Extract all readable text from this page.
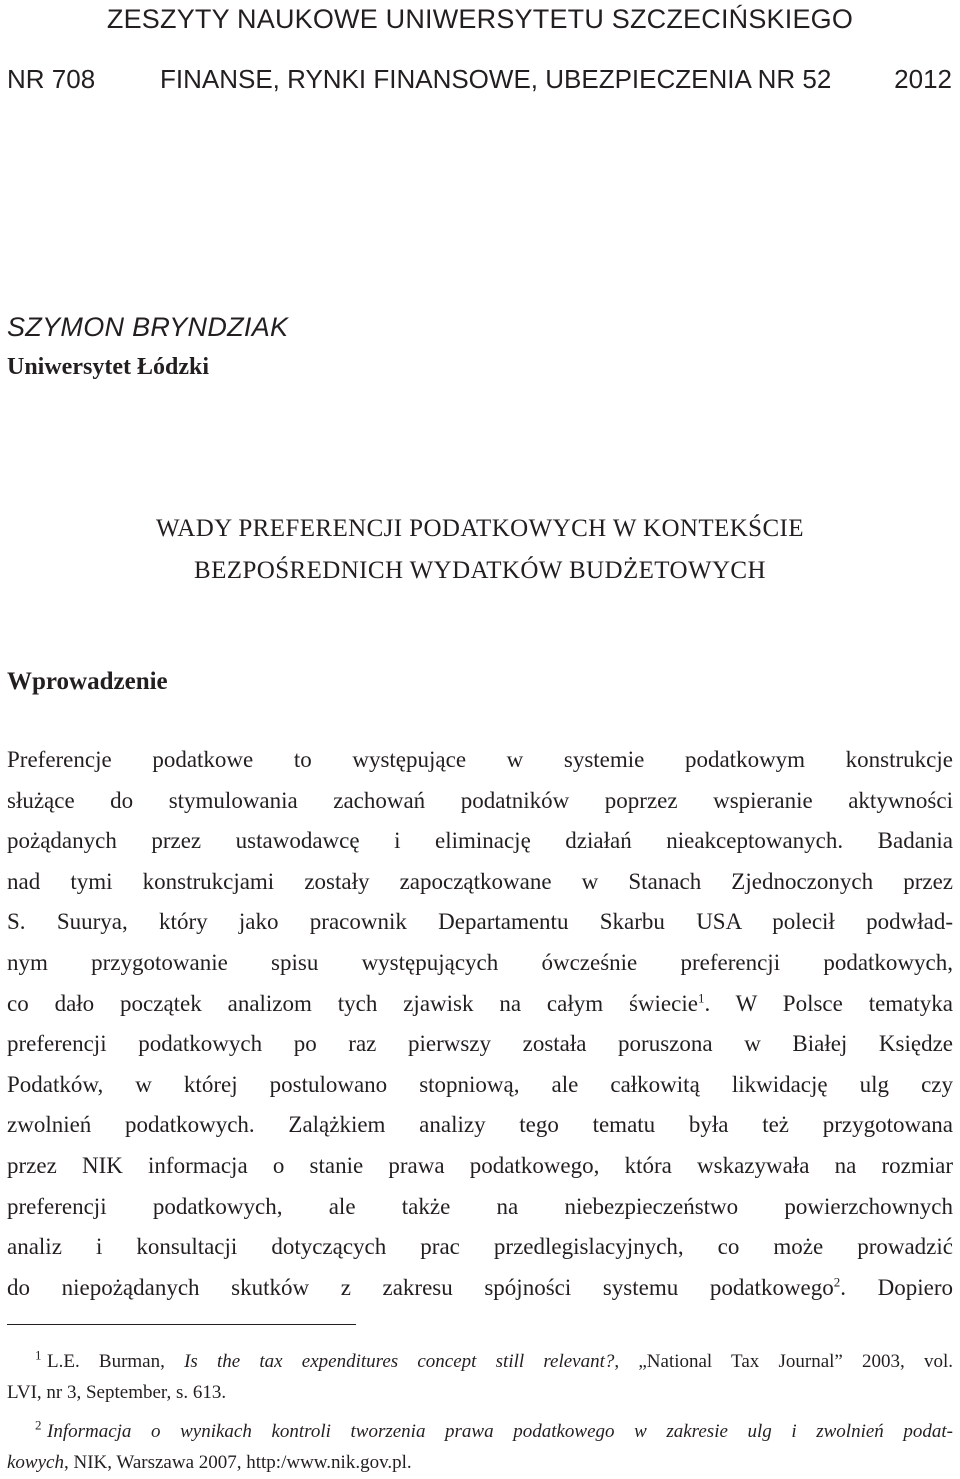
ZESZYTY NAUKOWE UNIWERSYTETU SZCZECIŃSKIEGO
NR 708 FINANSE, RYNKI FINANSOWE, UBEZPIECZENIA NR 52 2012
SZYMON BRYNDZIAK
Uniwersytet Łódzki
WADY PREFERENCJI PODATKOWYCH W KONTEKŚCIE
BEZPOŚREDNICH WYDATKÓW BUDŻETOWYCH
Wprowadzenie
Preferencje podatkowe to występujące w systemie podatkowym konstrukcje
służące do stymulowania zachowań podatników poprzez wspieranie aktywności
pożądanych przez ustawodawcę i eliminację działań nieakceptowanych. Badania
nad tymi konstrukcjami zostały zapoczątkowane w Stanach Zjednoczonych przez
S. Suurya, który jako pracownik Departamentu Skarbu USA polecił podwład-
nym przygotowanie spisu występujących ówcześnie preferencji podatkowych,
co dało początek analizom tych zjawisk na całym świecie$^1$. W Polsce tematyka
preferencji podatkowych po raz pierwszy została poruszona w Białej Księdze
Podatków, w której postulowano stopniową, ale całkowitą likwidację ulg czy
zwolnień podatkowych. Zalążkiem analizy tego tematu była też przygotowana
przez NIK informacja o stanie prawa podatkowego, która wskazywała na rozmiar
preferencji podatkowych, ale także na niebezpieczeństwo powierzchownych
analiz i konsultacji dotyczących prac przedlegislacyjnych, co może prowadzić
do niepożądanych skutków z zakresu spójności systemu podatkowego$^2$. Dopiero
$^1$ L.E. Burman, Is the tax expenditures concept still relevant?, „National Tax Journal” 2003, vol.
LVI, nr 3, September, s. 613.
$^2$ Informacja o wynikach kontroli tworzenia prawa podatkowego w zakresie ulg i zwolnień podat-
kowych, NIK, Warszawa 2007, http:/www.nik.gov.pl.
